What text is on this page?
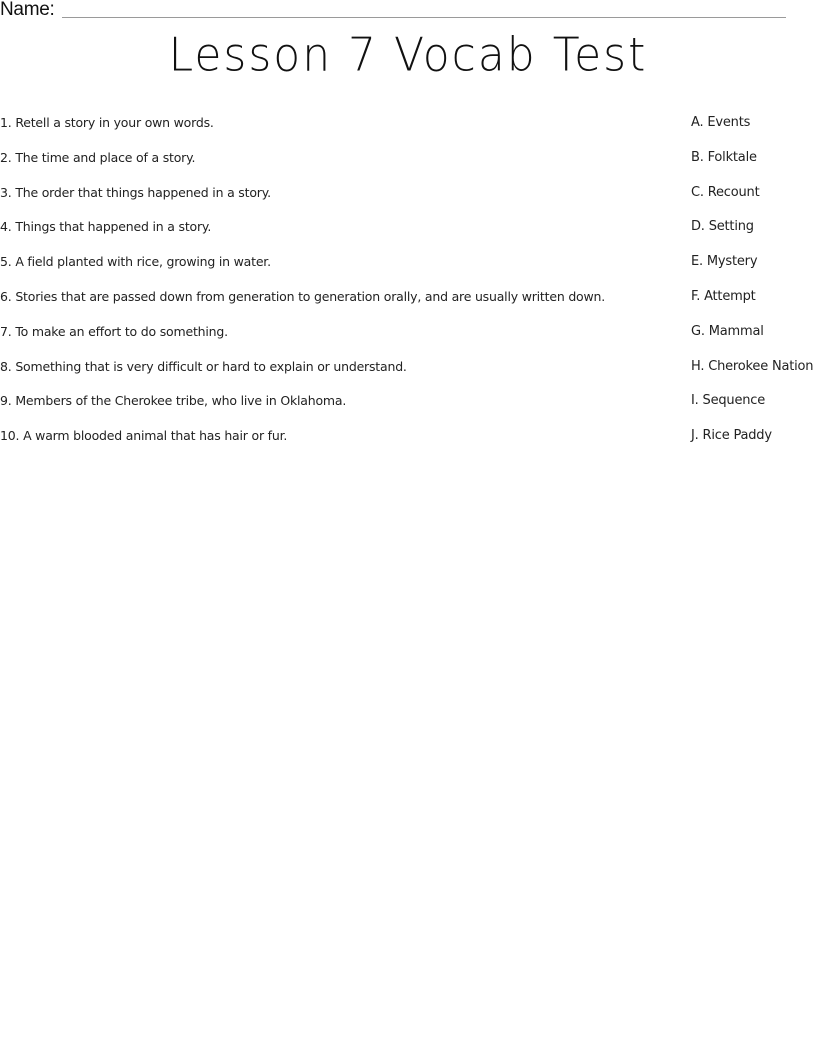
Name:
Lesson 7 Vocab Test
1. Retell a story in your own words.
2. The time and place of a story.
3. The order that things happened in a story.
4. Things that happened in a story.
5. A field planted with rice, growing in water.
6. Stories that are passed down from generation to generation orally, and are usually written down.
7. To make an effort to do something.
8. Something that is very difficult or hard to explain or understand.
9. Members of the Cherokee tribe, who live in Oklahoma.
10. A warm blooded animal that has hair or fur.
A. Events
B. Folktale
C. Recount
D. Setting
E. Mystery
F. Attempt
G. Mammal
H. Cherokee Nation
I. Sequence
J. Rice Paddy
